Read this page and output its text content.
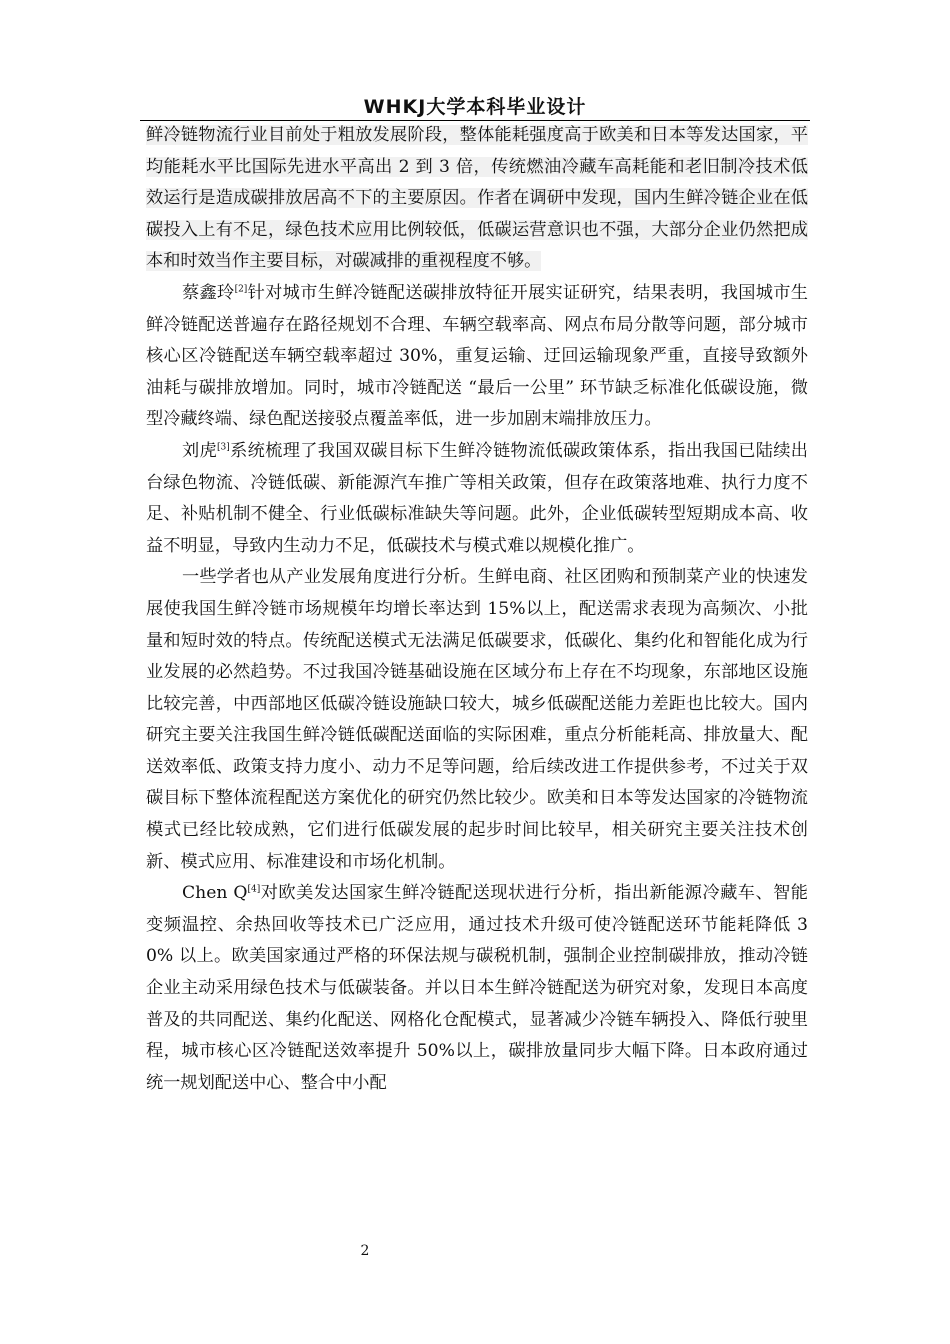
WHKJ大学本科毕业设计

鲜冷链物流行业目前处于粗放发展阶段，整体能耗强度高于欧美和日本等发达国家，平均能耗水平比国际先进水平高出 2 到 3 倍，传统燃油冷藏车高耗能和老旧制冷技术低效运行是造成碳排放居高不下的主要原因。作者在调研中发现，国内生鲜冷链企业在低碳投入上有不足，绿色技术应用比例较低，低碳运营意识也不强，大部分企业仍然把成本和时效当作主要目标，对碳减排的重视程度不够。

蔡鑫玲[2]针对城市生鲜冷链配送碳排放特征开展实证研究，结果表明，我国城市生鲜冷链配送普遍存在路径规划不合理、车辆空载率高、网点布局分散等问题，部分城市核心区冷链配送车辆空载率超过 30%，重复运输、迂回运输现象严重，直接导致额外油耗与碳排放增加。同时，城市冷链配送 “最后一公里” 环节缺乏标准化低碳设施，微型冷藏终端、绿色配送接驳点覆盖率低，进一步加剧末端排放压力。

刘虎[3]系统梳理了我国双碳目标下生鲜冷链物流低碳政策体系，指出我国已陆续出台绿色物流、冷链低碳、新能源汽车推广等相关政策，但存在政策落地难、执行力度不足、补贴机制不健全、行业低碳标准缺失等问题。此外，企业低碳转型短期成本高、收益不明显，导致内生动力不足，低碳技术与模式难以规模化推广。

一些学者也从产业发展角度进行分析。生鲜电商、社区团购和预制菜产业的快速发展使我国生鲜冷链市场规模年均增长率达到 15%以上，配送需求表现为高频次、小批量和短时效的特点。传统配送模式无法满足低碳要求，低碳化、集约化和智能化成为行业发展的必然趋势。不过我国冷链基础设施在区域分布上存在不均现象，东部地区设施比较完善，中西部地区低碳冷链设施缺口较大，城乡低碳配送能力差距也比较大。国内研究主要关注我国生鲜冷链低碳配送面临的实际困难，重点分析能耗高、排放量大、配送效率低、政策支持力度小、动力不足等问题，给后续改进工作提供参考，不过关于双碳目标下整体流程配送方案优化的研究仍然比较少。欧美和日本等发达国家的冷链物流模式已经比较成熟，它们进行低碳发展的起步时间比较早，相关研究主要关注技术创新、模式应用、标准建设和市场化机制。

Chen Q[4]对欧美发达国家生鲜冷链配送现状进行分析，指出新能源冷藏车、智能变频温控、余热回收等技术已广泛应用，通过技术升级可使冷链配送环节能耗降低 30% 以上。欧美国家通过严格的环保法规与碳税机制，强制企业控制碳排放，推动冷链企业主动采用绿色技术与低碳装备。并以日本生鲜冷链配送为研究对象，发现日本高度普及的共同配送、集约化配送、网格化仓配模式，显著减少冷链车辆投入、降低行驶里程，城市核心区冷链配送效率提升 50%以上，碳排放量同步大幅下降。日本政府通过统一规划配送中心、整合中小配

2
